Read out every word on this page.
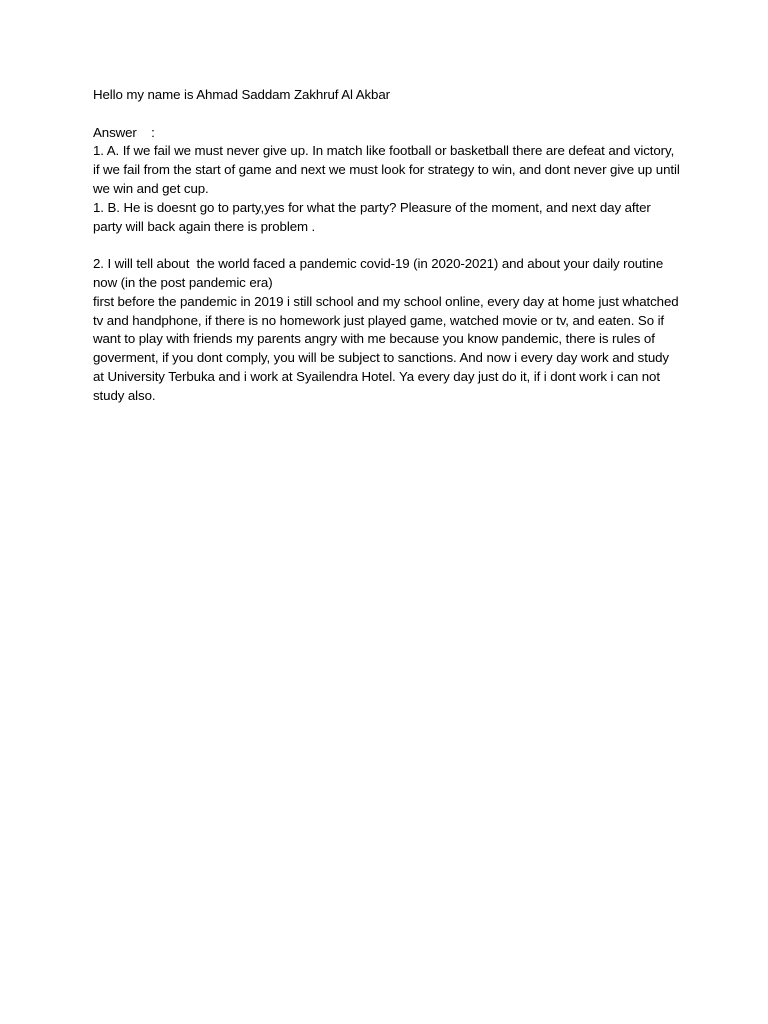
Hello my name is Ahmad Saddam Zakhruf Al Akbar

Answer    :

1. A. If we fail we must never give up. In match like football or basketball there are defeat and victory, if we fail from the start of game and next we must look for strategy to win, and dont never give up until we win and get cup.

1. B. He is doesnt go to party,yes for what the party? Pleasure of the moment, and next day after party will back again there is problem .

2. I will tell about  the world faced a pandemic covid-19 (in 2020-2021) and about your daily routine now (in the post pandemic era)

first before the pandemic in 2019 i still school and my school online, every day at home just whatched tv and handphone, if there is no homework just played game, watched movie or tv, and eaten. So if want to play with friends my parents angry with me because you know pandemic, there is rules of goverment, if you dont comply, you will be subject to sanctions. And now i every day work and study at University Terbuka and i work at Syailendra Hotel. Ya every day just do it, if i dont work i can not study also.
